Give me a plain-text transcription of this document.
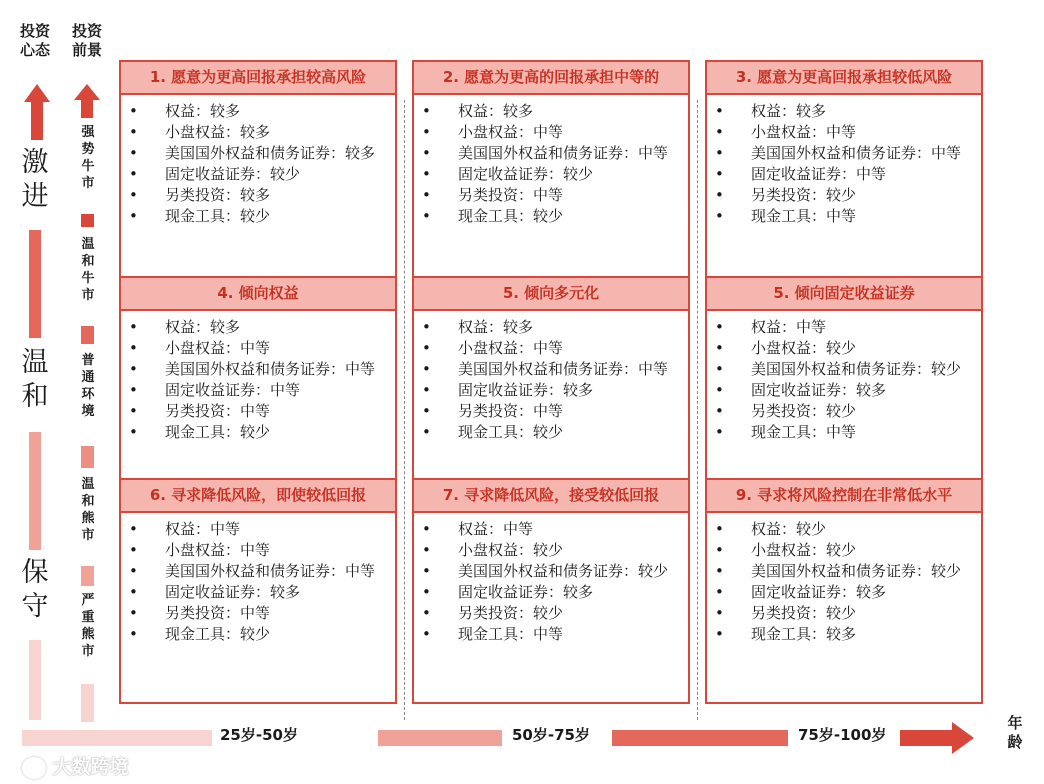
投资
心态
投资
前景
激
进
温
和
保
守
强
势
牛
市
温
和
牛
市
普
通
环
境
温
和
熊
市
严
重
熊
市
1. 愿意为更高回报承担较高风险
• 权益：较多
• 小盘权益：较多
• 美国国外权益和债务证券：较多
• 固定收益证券：较少
• 另类投资：较多
• 现金工具：较少
4. 倾向权益
• 权益：较多
• 小盘权益：中等
• 美国国外权益和债务证券：中等
• 固定收益证券：中等
• 另类投资：中等
• 现金工具：较少
6. 寻求降低风险，即使较低回报
• 权益：中等
• 小盘权益：中等
• 美国国外权益和债务证券：中等
• 固定收益证券：较多
• 另类投资：中等
• 现金工具：较少
2. 愿意为更高的回报承担中等的
• 权益：较多
• 小盘权益：中等
• 美国国外权益和债务证券：中等
• 固定收益证券：较少
• 另类投资：中等
• 现金工具：较少
5. 倾向多元化
• 权益：较多
• 小盘权益：中等
• 美国国外权益和债务证券：中等
• 固定收益证券：较多
• 另类投资：中等
• 现金工具：较少
7. 寻求降低风险，接受较低回报
• 权益：中等
• 小盘权益：较少
• 美国国外权益和债务证券：较少
• 固定收益证券：较多
• 另类投资：较少
• 现金工具：中等
3. 愿意为更高回报承担较低风险
• 权益：较多
• 小盘权益：中等
• 美国国外权益和债务证券：中等
• 固定收益证券：中等
• 另类投资：较少
• 现金工具：中等
5. 倾向固定收益证券
• 权益：中等
• 小盘权益：较少
• 美国国外权益和债务证券：较少
• 固定收益证券：较多
• 另类投资：较少
• 现金工具：中等
9. 寻求将风险控制在非常低水平
• 权益：较少
• 小盘权益：较少
• 美国国外权益和债务证券：较少
• 固定收益证券：较多
• 另类投资：较少
• 现金工具：较多
25岁-50岁	50岁-75岁	75岁-100岁
年
龄
大数跨境
